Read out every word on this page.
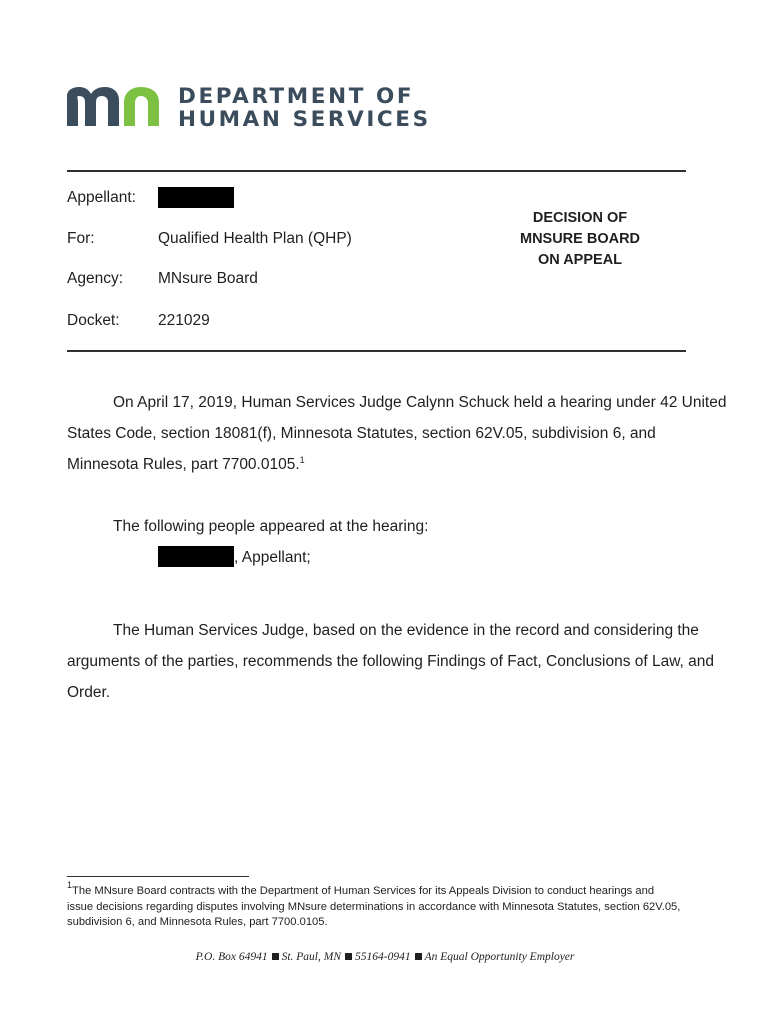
DEPARTMENT OF
HUMAN SERVICES
Appellant:
For:	Qualified Health Plan (QHP)
Agency: MNsure Board
Docket: 221029
DECISION OF
MNSURE BOARD
ON APPEAL
On April 17, 2019, Human Services Judge Calynn Schuck held a hearing under 42 United
States Code, section 18081(f), Minnesota Statutes, section 62V.05, subdivision 6, and
Minnesota Rules, part 7700.0105.$^1$
The following people appeared at the hearing:
, Appellant;
The Human Services Judge, based on the evidence in the record and considering the
arguments of the parties, recommends the following Findings of Fact, Conclusions of Law, and
Order.
$^1$The MNsure Board contracts with the Department of Human Services for its Appeals Division to conduct hearings and
issue decisions regarding disputes involving MNsure determinations in accordance with Minnesota Statutes, section 62V.05,
subdivision 6, and Minnesota Rules, part 7700.0105.
P.O. Box 64941 St. Paul, MN 55164-0941 An Equal Opportunity Employer
